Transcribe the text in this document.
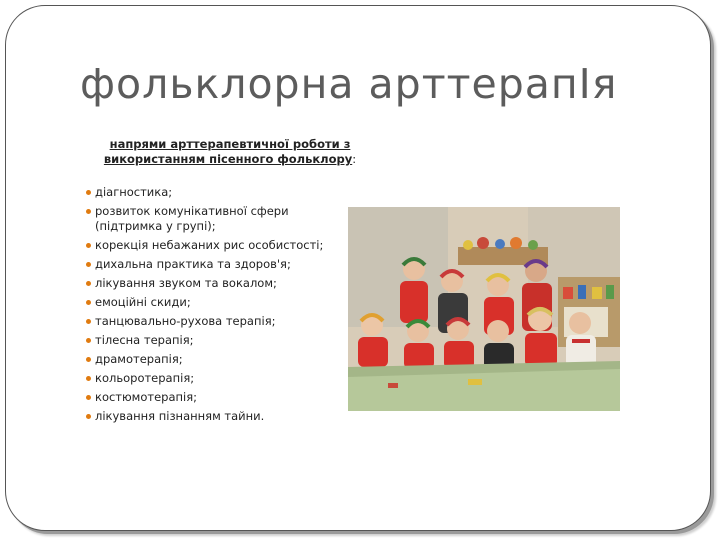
фольклорна арттерапІя
напрями арттерапевтичної роботи з використанням пісенного фольклору:
діагностика;
розвиток комунікативної сфери (підтримка у групі);
корекція небажаних рис особистості;
дихальна практика та здоров'я;
лікування звуком та вокалом;
емоційні скиди;
танцювально-рухова терапія;
тілесна терапія;
драмотерапія;
кольоротерапія;
костюмотерапія;
лікування пізнанням тайни.
